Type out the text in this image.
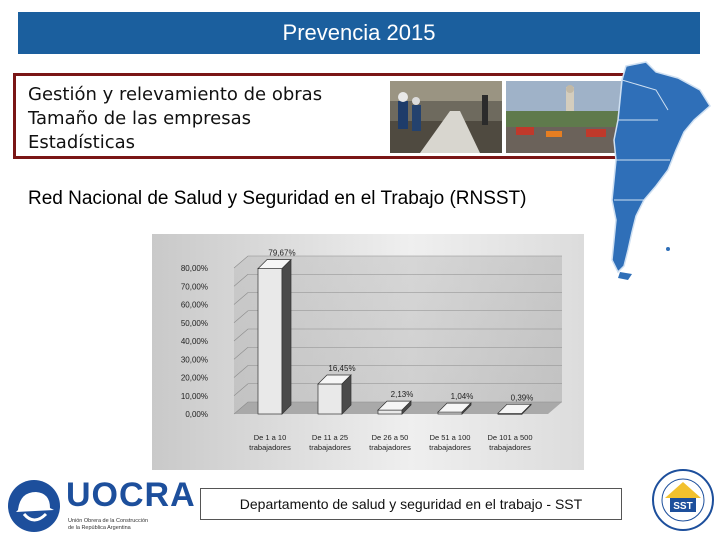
Prevencia 2015
Gestión y relevamiento de obras
Tamaño de las empresas
Estadísticas
Red Nacional de Salud y Seguridad en el Trabajo (RNSST)
0,00%
10,00%
20,00%
30,00%
40,00%
50,00%
60,00%
70,00%
80,00%
79,67%
16,45%
2,13%	1,04%	0,39%
De 1 a 10
trabajadores
De 11 a 25
trabajadores
De 26 a 50
trabajadores
De 51 a 100
trabajadores
De 101 a 500
trabajadores
Departamento de salud y seguridad en el trabajo - SST
UOCRA
Unión Obrera de la Construcción
de la República Argentina
SST
